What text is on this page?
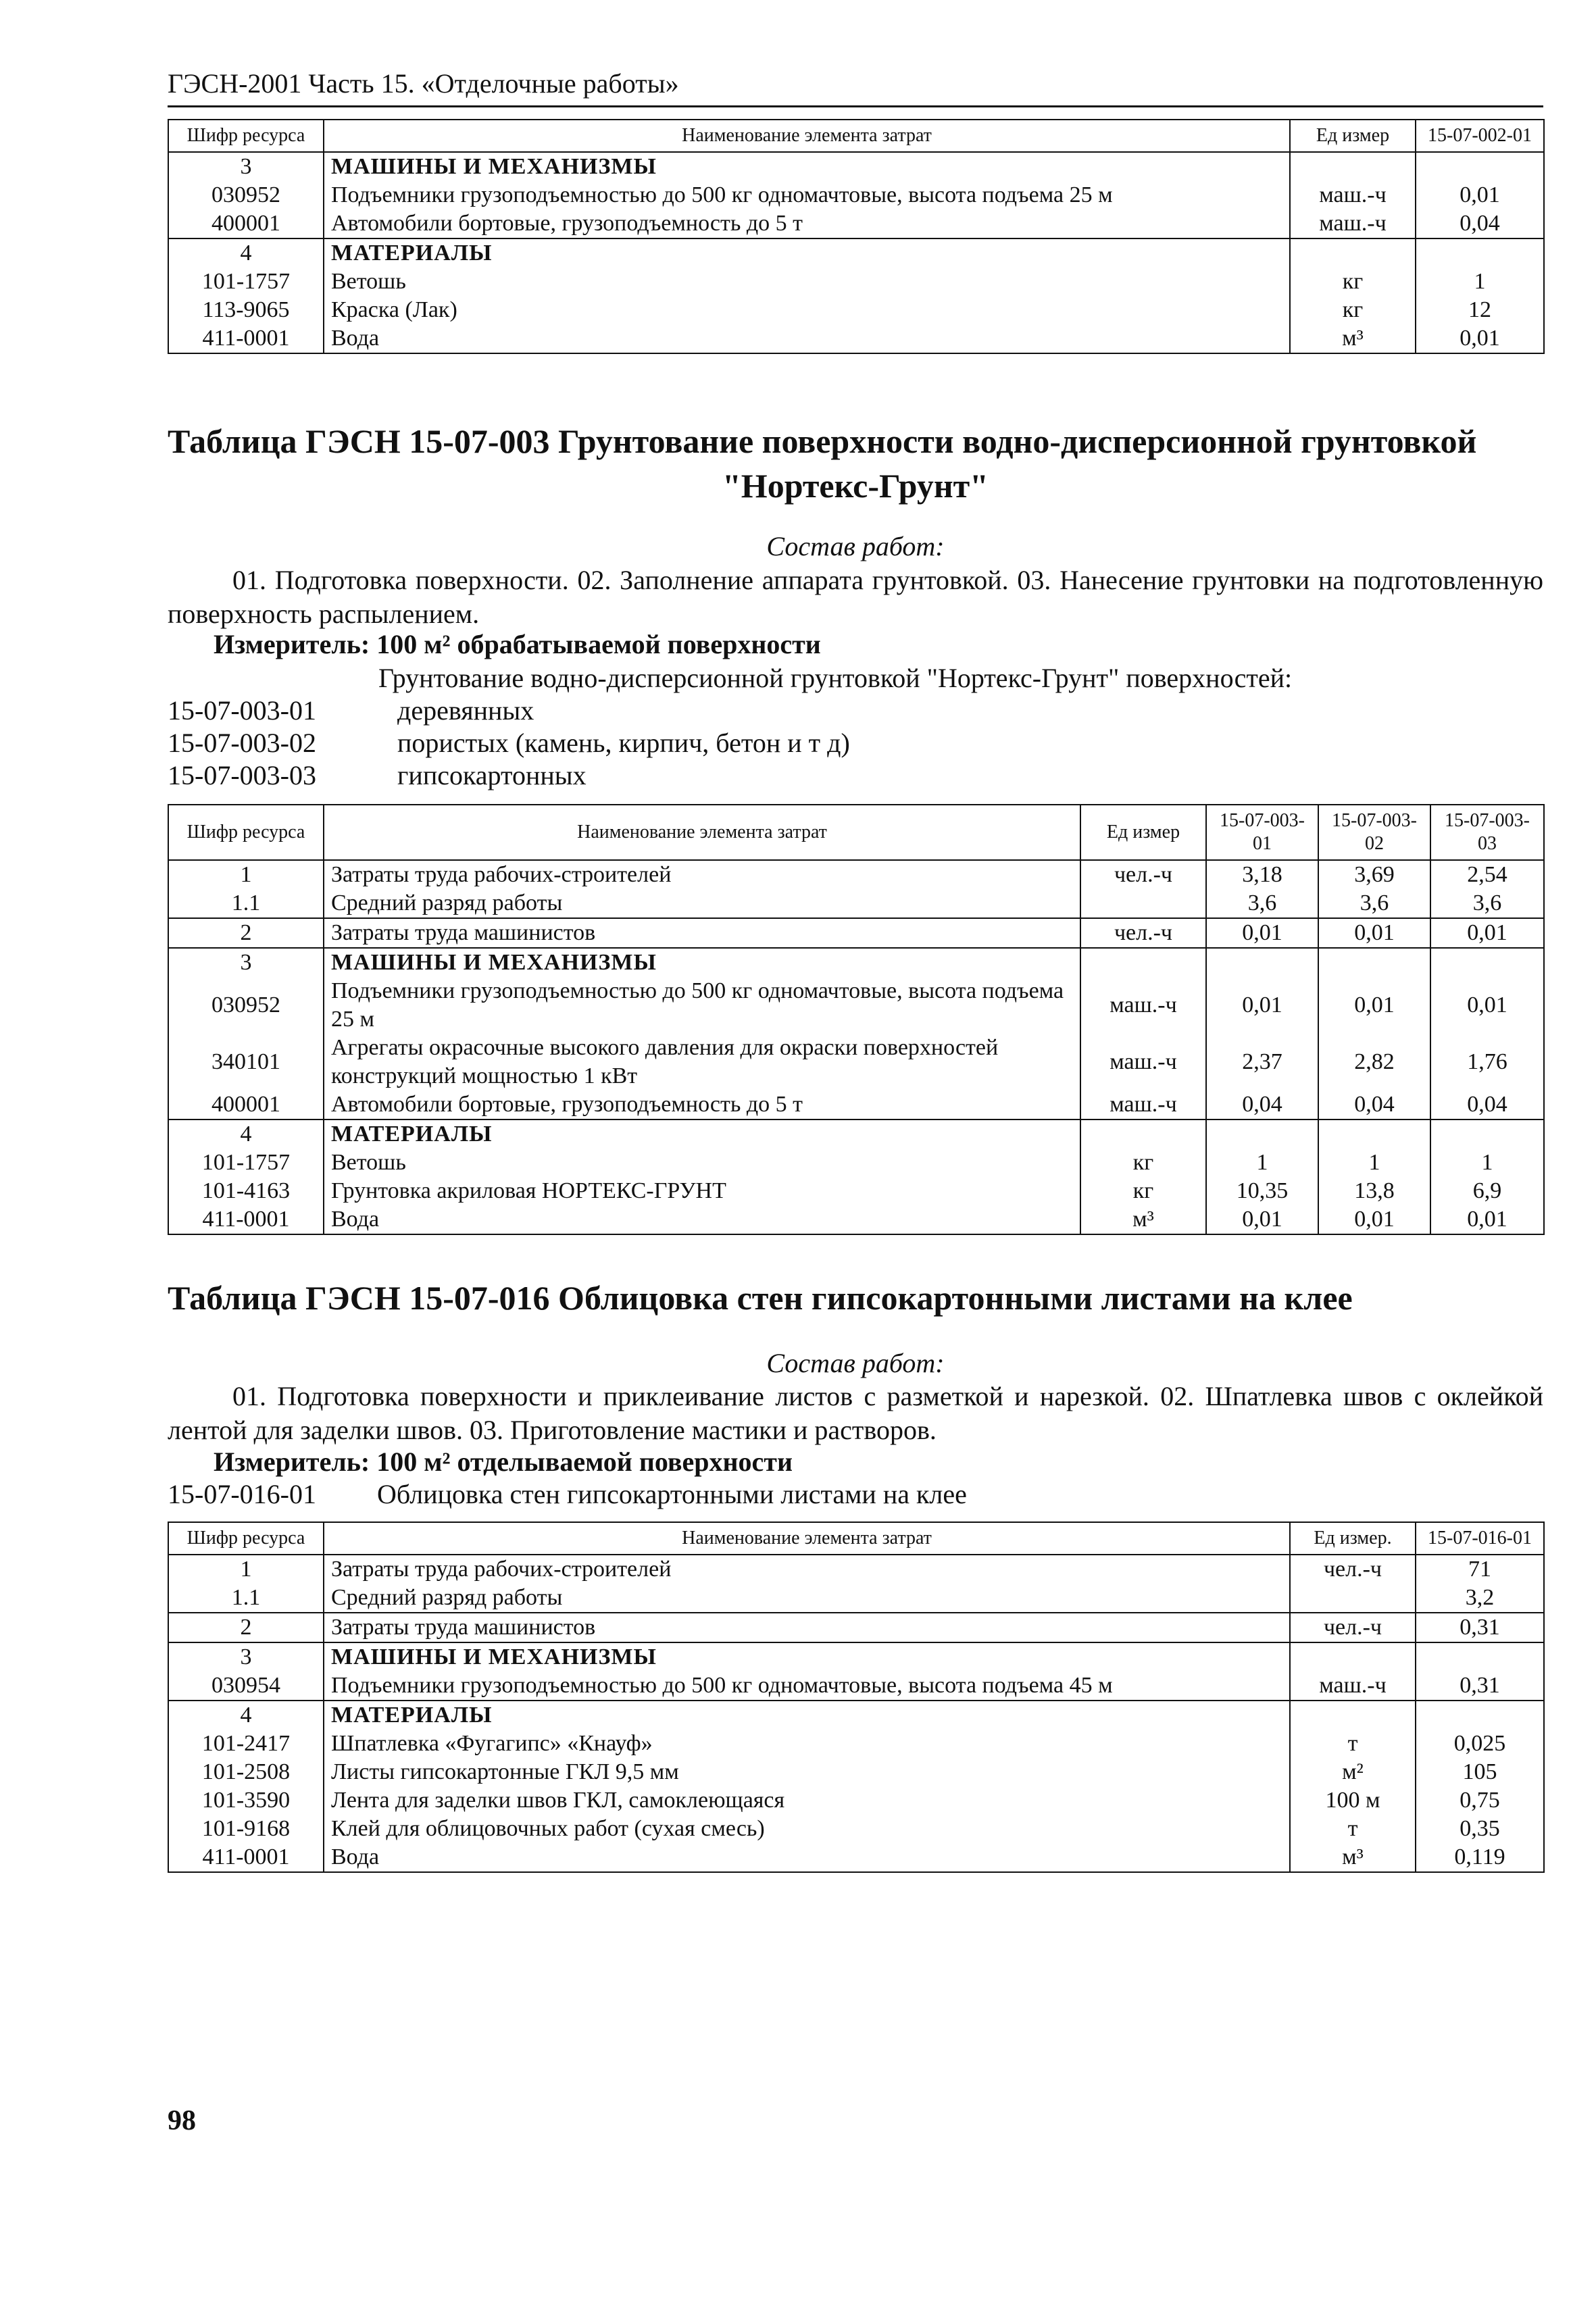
ГЭСН-2001 Часть 15. «Отделочные работы»
Шифр ресурса	Наименование элемента затрат	Ед измер	15-07-002-01
3	МАШИНЫ И МЕХАНИЗМЫ		
030952	Подъемники грузоподъемностью до 500 кг одномачтовые, высота подъема 25 м	маш.-ч	0,01
400001	Автомобили бортовые, грузоподъемность до 5 т	маш.-ч	0,04
4	МАТЕРИАЛЫ		
101-1757	Ветошь	кг	1
113-9065	Краска (Лак)	кг	12
411-0001	Вода	м³	0,01
Таблица ГЭСН 15-07-003 Грунтование поверхности водно-дисперсионной грунтовкой
"Нортекс-Грунт"
Состав работ:
01. Подготовка поверхности. 02. Заполнение аппарата грунтовкой. 03. Нанесение грунтовки на подготовленную поверхность распылением.
Измеритель: 100 м² обрабатываемой поверхности
Грунтование водно-дисперсионной грунтовкой "Нортекс-Грунт" поверхностей:
15-07-003-01	деревянных
15-07-003-02	пористых (камень, кирпич, бетон и т д)
15-07-003-03	гипсокартонных
Шифр ресурса	Наименование элемента затрат	Ед измер	15-07-003-01	15-07-003-02	15-07-003-03
1	Затраты труда рабочих-строителей	чел.-ч	3,18	3,69	2,54
1.1	Средний разряд работы		3,6	3,6	3,6
2	Затраты труда машинистов	чел.-ч	0,01	0,01	0,01
3	МАШИНЫ И МЕХАНИЗМЫ				
030952	Подъемники грузоподъемностью до 500 кг одномачтовые, высота подъема 25 м	маш.-ч	0,01	0,01	0,01
340101	Агрегаты окрасочные высокого давления для окраски поверхностей конструкций мощностью 1 кВт	маш.-ч	2,37	2,82	1,76
400001	Автомобили бортовые, грузоподъемность до 5 т	маш.-ч	0,04	0,04	0,04
4	МАТЕРИАЛЫ				
101-1757	Ветошь	кг	1	1	1
101-4163	Грунтовка акриловая НОРТЕКС-ГРУНТ	кг	10,35	13,8	6,9
411-0001	Вода	м³	0,01	0,01	0,01
Таблица ГЭСН 15-07-016 Облицовка стен гипсокартонными листами на клее
Состав работ:
01. Подготовка поверхности и приклеивание листов с разметкой и нарезкой. 02. Шпатлевка швов с оклейкой лентой для заделки швов. 03. Приготовление мастики и растворов.
Измеритель: 100 м² отделываемой поверхности
15-07-016-01 Облицовка стен гипсокартонными листами на клее
Шифр ресурса	Наименование элемента затрат	Ед измер.	15-07-016-01
1	Затраты труда рабочих-строителей	чел.-ч	71
1.1	Средний разряд работы		3,2
2	Затраты труда машинистов	чел.-ч	0,31
3	МАШИНЫ И МЕХАНИЗМЫ		
030954	Подъемники грузоподъемностью до 500 кг одномачтовые, высота подъема 45 м	маш.-ч	0,31
4	МАТЕРИАЛЫ		
101-2417	Шпатлевка «Фугагипс» «Кнауф»	т	0,025
101-2508	Листы гипсокартонные ГКЛ 9,5 мм	м²	105
101-3590	Лента для заделки швов ГКЛ, самоклеющаяся	100 м	0,75
101-9168	Клей для облицовочных работ (сухая смесь)	т	0,35
411-0001	Вода	м³	0,119
98
